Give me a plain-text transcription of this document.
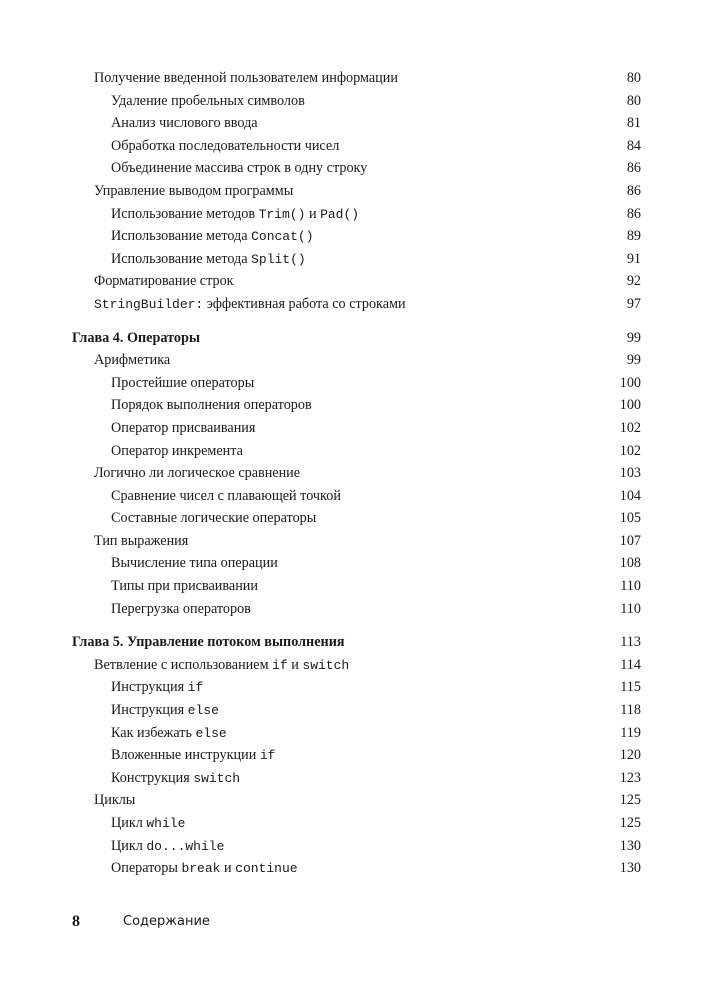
Получение введенной пользователем информации	80
Удаление пробельных символов	80
Анализ числового ввода	81
Обработка последовательности чисел	84
Объединение массива строк в одну строку	86
Управление выводом программы	86
Использование методов Trim() и Pad()	86
Использование метода Concat()	89
Использование метода Split()	91
Форматирование строк	92
StringBuilder: эффективная работа со строками	97
Глава 4. Операторы	99
Арифметика	99
Простейшие операторы	100
Порядок выполнения операторов	100
Оператор присваивания	102
Оператор инкремента	102
Логично ли логическое сравнение	103
Сравнение чисел с плавающей точкой	104
Составные логические операторы	105
Тип выражения	107
Вычисление типа операции	108
Типы при присваивании	110
Перегрузка операторов	110
Глава 5. Управление потоком выполнения	113
Ветвление с использованием if и switch	114
Инструкция if	115
Инструкция else	118
Как избежать else	119
Вложенные инструкции if	120
Конструкция switch	123
Циклы	125
Цикл while	125
Цикл do...while	130
Операторы break и continue	130
8	Содержание
